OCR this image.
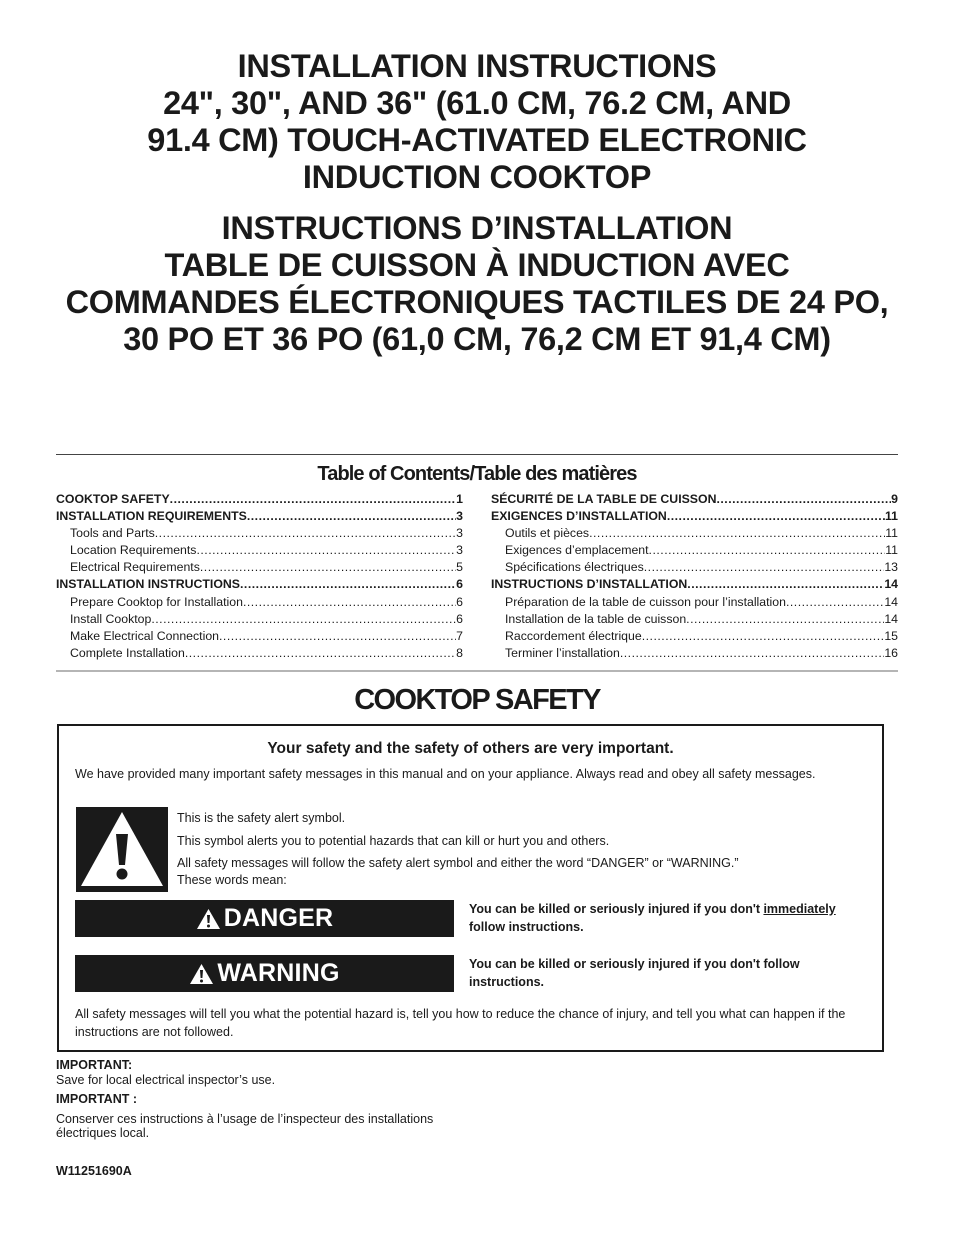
INSTALLATION INSTRUCTIONS
24", 30", AND 36" (61.0 CM, 76.2 CM, AND
91.4 CM) TOUCH-ACTIVATED ELECTRONIC
INDUCTION COOKTOP
INSTRUCTIONS D’INSTALLATION
TABLE DE CUISSON À INDUCTION AVEC
COMMANDES ÉLECTRONIQUES TACTILES DE 24 PO,
30 PO ET 36 PO (61,0 CM, 76,2 CM ET 91,4 CM)
Table of Contents/Table des matières
COOKTOP SAFETY .....	1
INSTALLATION REQUIREMENTS .....	3
Tools and Parts .....	3
Location Requirements .....	3
Electrical Requirements .....	5
INSTALLATION INSTRUCTIONS .....	6
Prepare Cooktop for Installation .....	6
Install Cooktop .....	6
Make Electrical Connection .....	7
Complete Installation .....	8
SÉCURITÉ DE LA TABLE DE CUISSON .....	9
EXIGENCES D’INSTALLATION .....	11
Outils et pièces .....	11
Exigences d’emplacement .....	11
Spécifications électriques .....	13
INSTRUCTIONS D’INSTALLATION .....	14
Préparation de la table de cuisson pour l’installation .....	14
Installation de la table de cuisson .....	14
Raccordement électrique .....	15
Terminer l’installation .....	16
COOKTOP SAFETY
Your safety and the safety of others are very important.
We have provided many important safety messages in this manual and on your appliance. Always read and obey all safety messages.
This is the safety alert symbol.
This symbol alerts you to potential hazards that can kill or hurt you and others.
All safety messages will follow the safety alert symbol and either the word “DANGER” or “WARNING.”
These words mean:
DANGER	You can be killed or seriously injured if you don't immediately follow instructions.
WARNING	You can be killed or seriously injured if you don't follow instructions.
All safety messages will tell you what the potential hazard is, tell you how to reduce the chance of injury, and tell you what can happen if the instructions are not followed.
IMPORTANT:
Save for local electrical inspector’s use.
IMPORTANT :
Conserver ces instructions à l’usage de l’inspecteur des installations électriques local.
W11251690A
